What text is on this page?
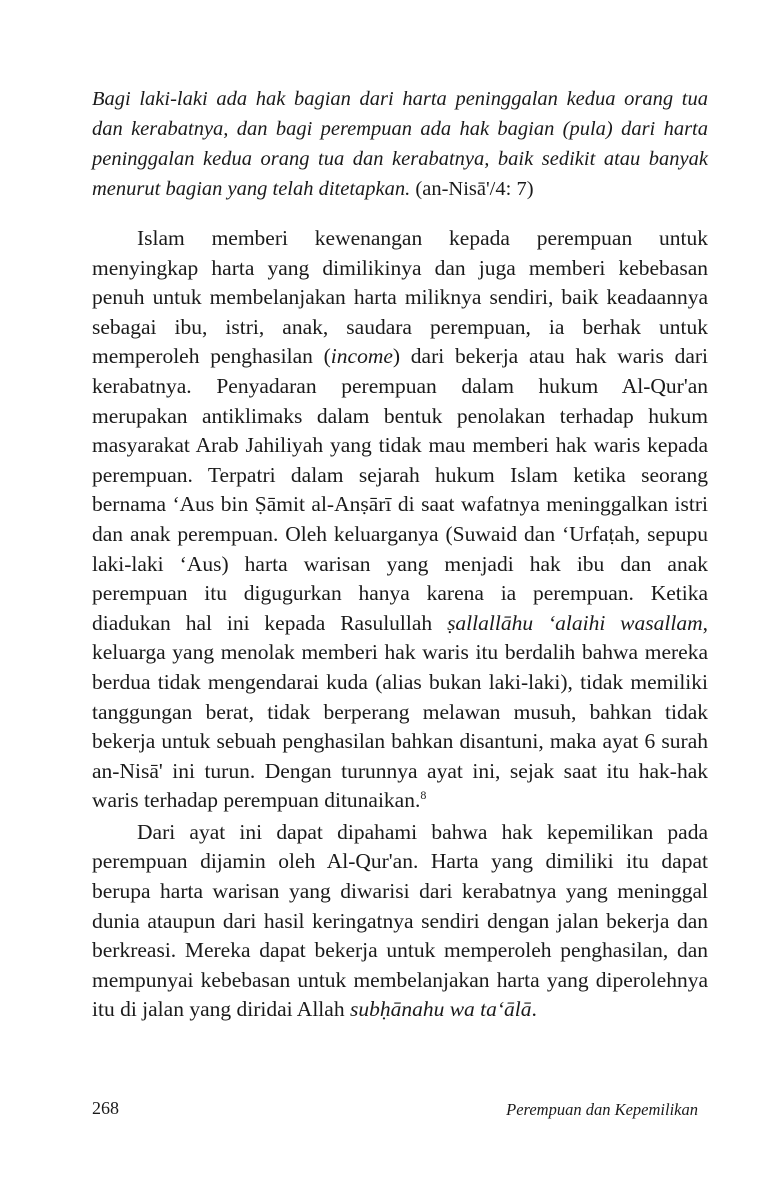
Bagi laki-laki ada hak bagian dari harta peninggalan kedua orang tua dan kerabatnya, dan bagi perempuan ada hak bagian (pula) dari harta peninggalan kedua orang tua dan kerabatnya, baik sedikit atau banyak menurut bagian yang telah ditetapkan. (an-Nisā'/4: 7)

Islam memberi kewenangan kepada perempuan untuk menyingkap harta yang dimilikinya dan juga memberi kebebasan penuh untuk membelanjakan harta miliknya sendiri, baik keadaannya sebagai ibu, istri, anak, saudara perempuan, ia berhak untuk memperoleh penghasilan (income) dari bekerja atau hak waris dari kerabatnya. Penyadaran perempuan dalam hukum Al-Qur'an merupakan antiklimaks dalam bentuk penolakan terhadap hukum masyarakat Arab Jahiliyah yang tidak mau memberi hak waris kepada perempuan. Terpatri dalam sejarah hukum Islam ketika seorang bernama ‘Aus bin Ṣāmit al-Anṣārī di saat wafatnya meninggalkan istri dan anak perempuan. Oleh keluarganya (Suwaid dan ‘Urfaṭah, sepupu laki-laki ‘Aus) harta warisan yang menjadi hak ibu dan anak perempuan itu digugurkan hanya karena ia perempuan. Ketika diadukan hal ini kepada Rasulullah ṣallallāhu ‘alaihi wasallam, keluarga yang menolak memberi hak waris itu berdalih bahwa mereka berdua tidak mengendarai kuda (alias bukan laki-laki), tidak memiliki tanggungan berat, tidak berperang melawan musuh, bahkan tidak bekerja untuk sebuah penghasilan bahkan disantuni, maka ayat 6 surah an-Nisā' ini turun. Dengan turunnya ayat ini, sejak saat itu hak-hak waris terhadap perempuan ditunaikan.$^8$

Dari ayat ini dapat dipahami bahwa hak kepemilikan pada perempuan dijamin oleh Al-Qur'an. Harta yang dimiliki itu dapat berupa harta warisan yang diwarisi dari kerabatnya yang meninggal dunia ataupun dari hasil keringatnya sendiri dengan jalan bekerja dan berkreasi. Mereka dapat bekerja untuk memperoleh penghasilan, dan mempunyai kebebasan untuk membelanjakan harta yang diperolehnya itu di jalan yang diridai Allah subḥānahu wa ta‘ālā.

268	Perempuan dan Kepemilikan
